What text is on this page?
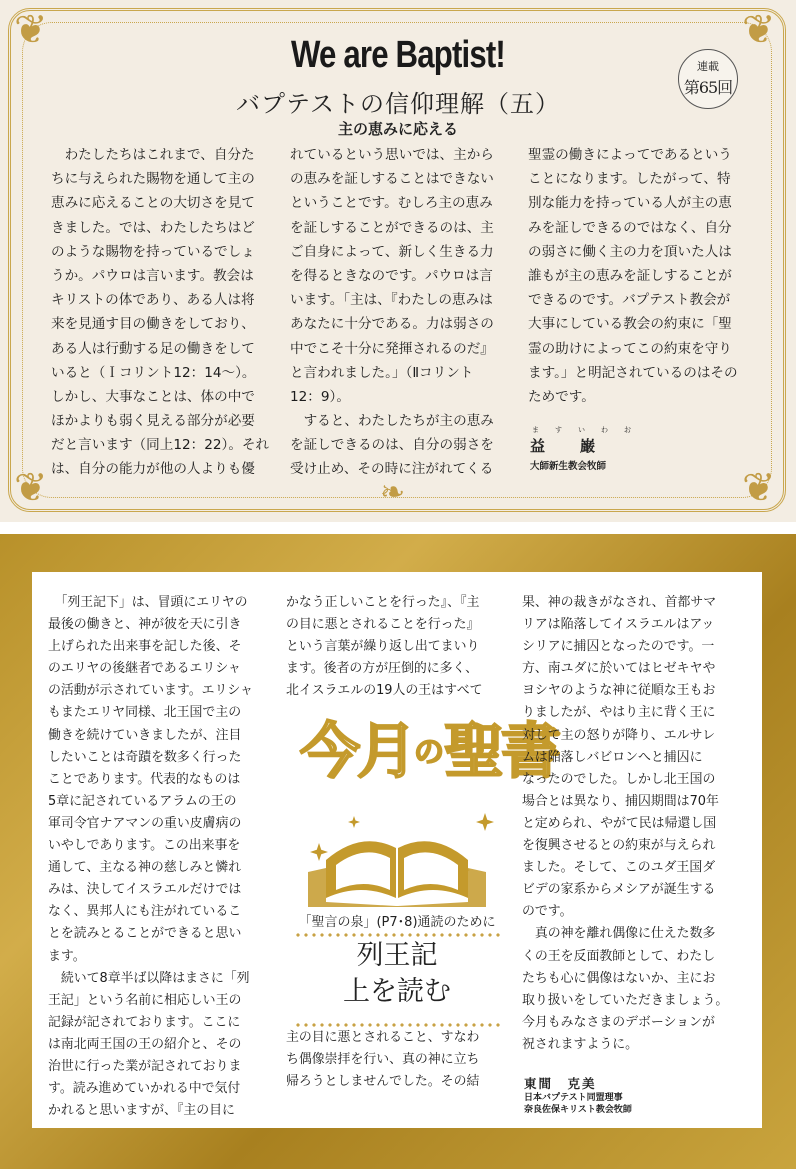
❦	❦
❦	❦
❧
We are Baptist!
バプテストの信仰理解（五）
主の恵みに応える
連載
第65回
　わたしたちはこれまで、自分た
ちに与えられた賜物を通して主の
恵みに応えることの大切さを見て
きました。では、わたしたちはど
のような賜物を持っているでしょ
うか。パウロは言います。教会は
キリストの体であり、ある人は将
来を見通す目の働きをしており、
ある人は行動する足の働きをして
いると（Ｉコリント12：14～）。
しかし、大事なことは、体の中で
ほかよりも弱く見える部分が必要
だと言います（同上12：22）。それ
は、自分の能力が他の人よりも優
れているという思いでは、主から
の恵みを証しすることはできない
ということです。むしろ主の恵み
を証しすることができるのは、主
ご自身によって、新しく生きる力
を得るときなのです。パウロは言
います。「主は、『わたしの恵みは
あなたに十分である。力は弱さの
中でこそ十分に発揮されるのだ』
と言われました。」（Ⅱコリント
12：9）。
　すると、わたしたちが主の恵み
を証しできるのは、自分の弱さを
受け止め、その時に注がれてくる
聖霊の働きによってであるという
ことになります。したがって、特
別な能力を持っている人が主の恵
みを証しできるのではなく、自分
の弱さに働く主の力を頂いた人は
誰もが主の恵みを証しすることが
できるのです。バプテスト教会が
大事にしている教会の約束に「聖
霊の助けによってこの約束を守り
ます。」と明記されているのはその
ためです。
ますいわお
益　巌
大師新生教会牧師
　「列王記下」は、冒頭にエリヤの
最後の働きと、神が彼を天に引き
上げられた出来事を記した後、そ
のエリヤの後継者であるエリシャ
の活動が示されています。エリシャ
もまたエリヤ同様、北王国で主の
働きを続けていきましたが、注目
したいことは奇蹟を数多く行った
ことであります。代表的なものは
5章に記されているアラムの王の
軍司令官ナアマンの重い皮膚病の
いやしであります。この出来事を
通して、主なる神の慈しみと憐れ
みは、決してイスラエルだけでは
なく、異邦人にも注がれているこ
とを読みとることができると思い
ます。
　続いて8章半ば以降はまさに「列
王記」という名前に相応しい王の
記録が記されております。ここに
は南北両王国の王の紹介と、その
治世に行った業が記されておりま
す。読み進めていかれる中で気付
かれると思いますが、『主の目に
かなう正しいことを行った』、『主
の目に悪とされることを行った』
という言葉が繰り返し出てまいり
ます。後者の方が圧倒的に多く、
北イスラエルの19人の王はすべて
今月の聖書
「聖言の泉」(P7･8)通読のために
列王記
上を読む
主の目に悪とされること、すなわ
ち偶像崇拝を行い、真の神に立ち
帰ろうとしませんでした。その結
果、神の裁きがなされ、首都サマ
リアは陥落してイスラエルはアッ
シリアに捕囚となったのです。一
方、南ユダに於いてはヒゼキヤや
ヨシヤのような神に従順な王もお
りましたが、やはり主に背く王に
対して主の怒りが降り、エルサレ
ムは陥落しバビロンへと捕囚に
なったのでした。しかし北王国の
場合とは異なり、捕囚期間は70年
と定められ、やがて民は帰還し国
を復興させるとの約束が与えられ
ました。そして、このユダ王国ダ
ビデの家系からメシアが誕生する
のです。
　真の神を離れ偶像に仕えた数多
くの王を反面教師として、わたし
たちも心に偶像はないか、主にお
取り扱いをしていただきましょう。
今月もみなさまのデボーションが
祝されますように。
東間　克美
日本バプテスト同盟理事
奈良佐保キリスト教会牧師
